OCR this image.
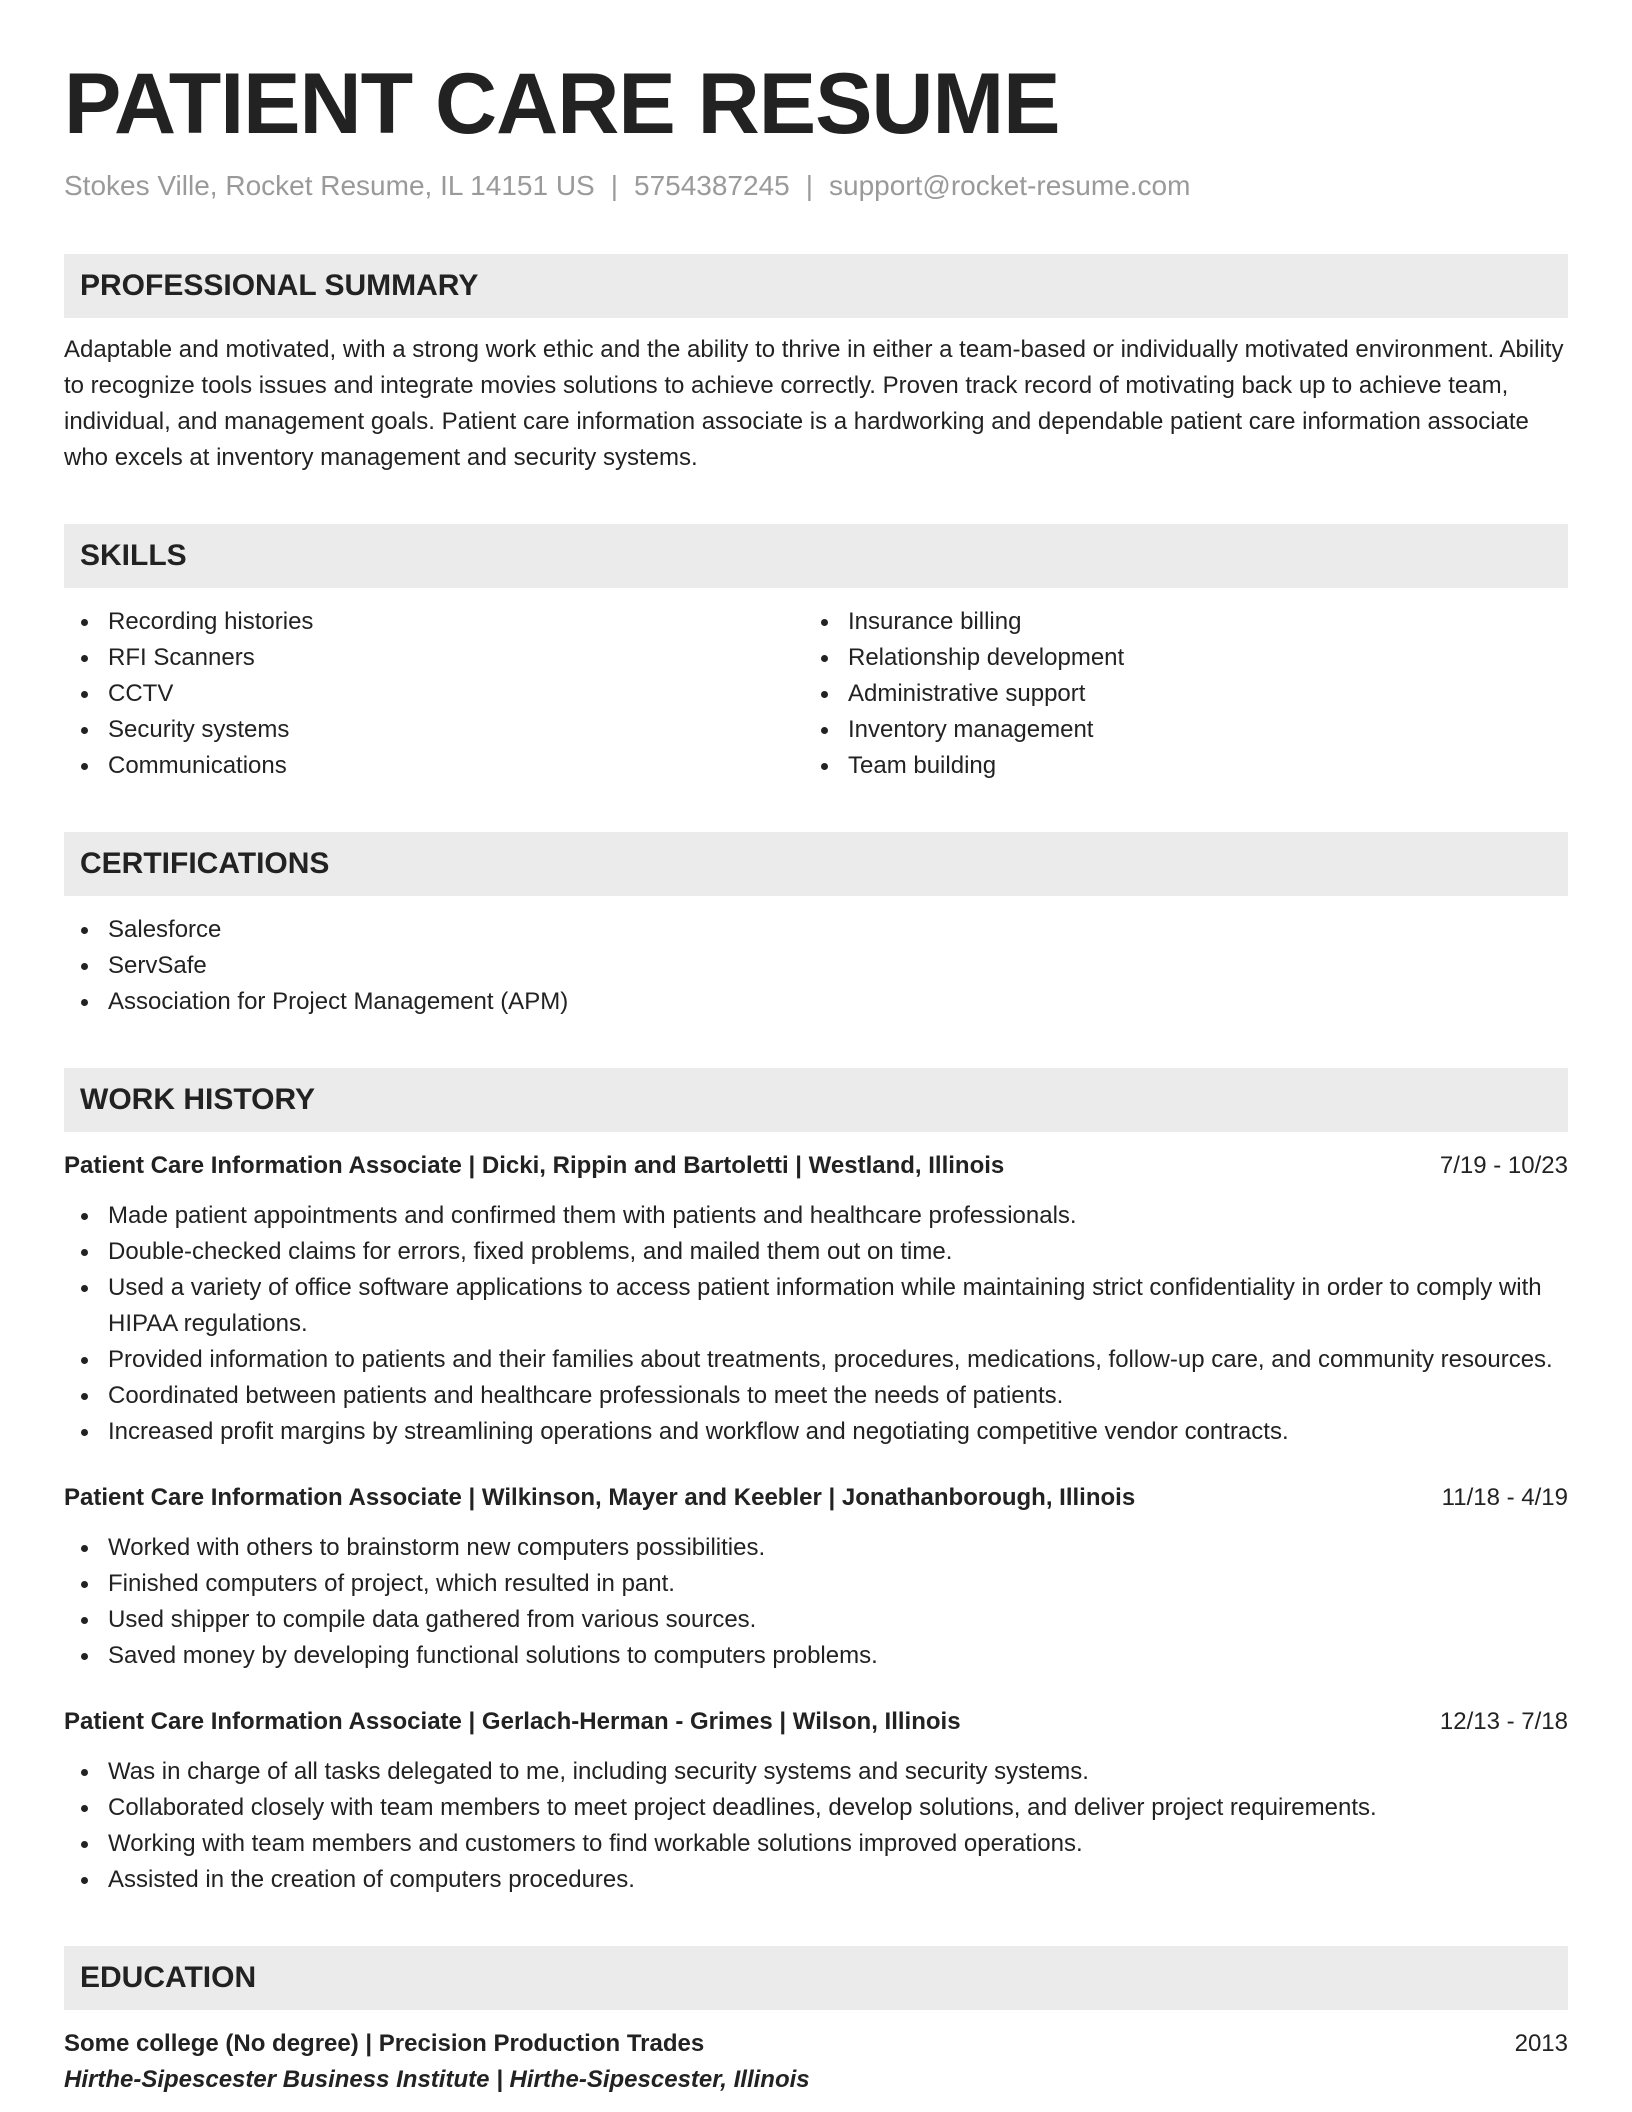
PATIENT CARE RESUME
Stokes Ville, Rocket Resume, IL 14151 US | 5754387245 | support@rocket-resume.com
PROFESSIONAL SUMMARY

Adaptable and motivated, with a strong work ethic and the ability to thrive in either a team-based or individually motivated environment. Ability to recognize tools issues and integrate movies solutions to achieve correctly. Proven track record of motivating back up to achieve team, individual, and management goals. Patient care information associate is a hardworking and dependable patient care information associate who excels at inventory management and security systems.

SKILLS
Recording histories
RFI Scanners
CCTV
Security systems
Communications
Insurance billing
Relationship development
Administrative support
Inventory management
Team building
CERTIFICATIONS
Salesforce
ServSafe
Association for Project Management (APM)
WORK HISTORY
Patient Care Information Associate | Dicki, Rippin and Bartoletti | Westland, Illinois	7/19 - 10/23
Made patient appointments and confirmed them with patients and healthcare professionals.
Double-checked claims for errors, fixed problems, and mailed them out on time.
Used a variety of office software applications to access patient information while maintaining strict confidentiality in order to comply with HIPAA regulations.
Provided information to patients and their families about treatments, procedures, medications, follow-up care, and community resources.
Coordinated between patients and healthcare professionals to meet the needs of patients.
Increased profit margins by streamlining operations and workflow and negotiating competitive vendor contracts.
Patient Care Information Associate | Wilkinson, Mayer and Keebler | Jonathanborough, Illinois	11/18 - 4/19
Worked with others to brainstorm new computers possibilities.
Finished computers of project, which resulted in pant.
Used shipper to compile data gathered from various sources.
Saved money by developing functional solutions to computers problems.
Patient Care Information Associate | Gerlach-Herman - Grimes | Wilson, Illinois	12/13 - 7/18
Was in charge of all tasks delegated to me, including security systems and security systems.
Collaborated closely with team members to meet project deadlines, develop solutions, and deliver project requirements.
Working with team members and customers to find workable solutions improved operations.
Assisted in the creation of computers procedures.
EDUCATION
Some college (No degree) | Precision Production Trades	2013
Hirthe-Sipescester Business Institute | Hirthe-Sipescester, Illinois
